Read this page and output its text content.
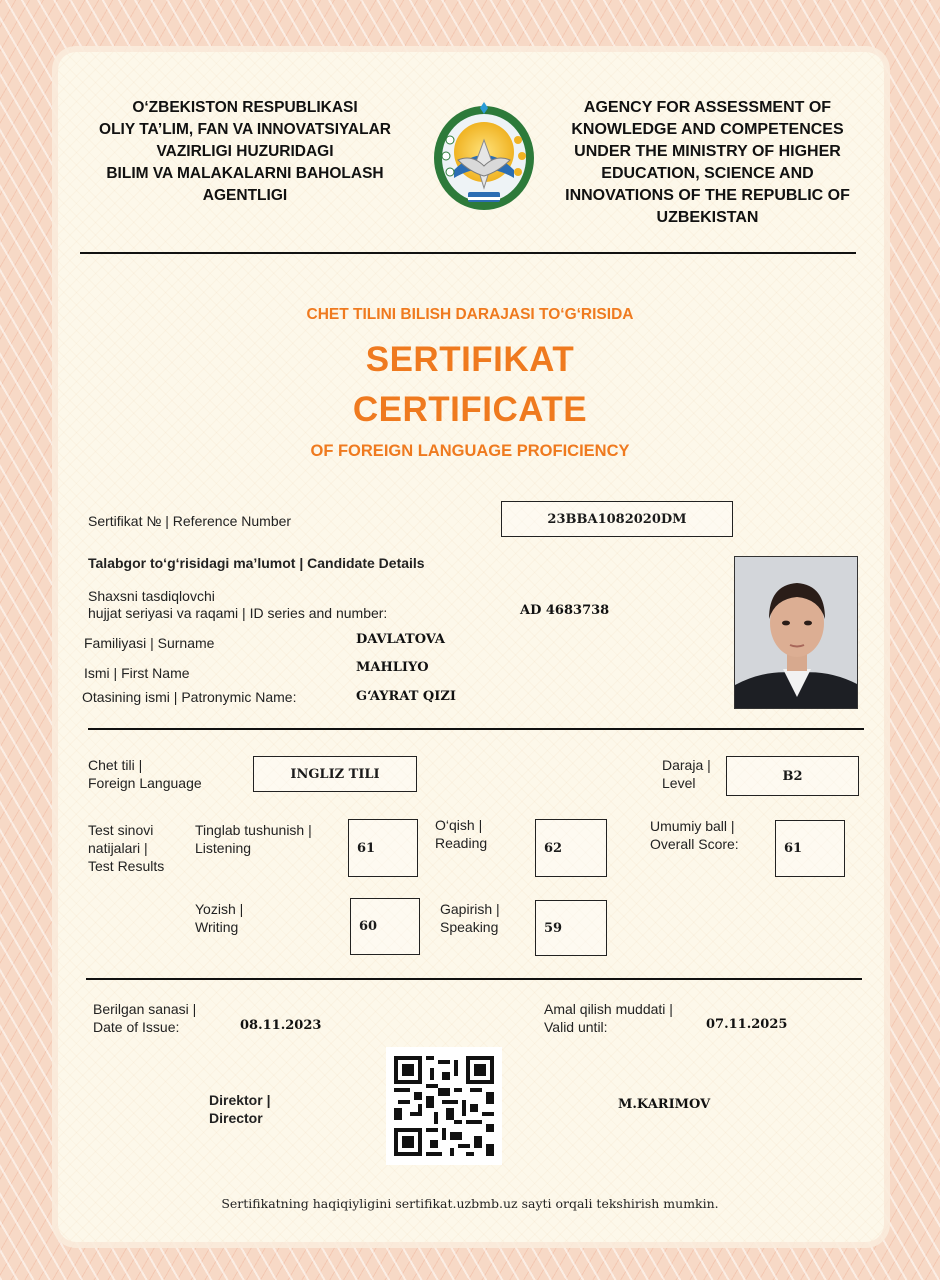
O‘ZBEKISTON RESPUBLIKASI
OLIY TA’LIM, FAN VA INNOVATSIYALAR
VAZIRLIGI HUZURIDAGI
BILIM VA MALAKALARNI BAHOLASH
AGENTLIGI
AGENCY FOR ASSESSMENT OF
KNOWLEDGE AND COMPETENCES
UNDER THE MINISTRY OF HIGHER
EDUCATION, SCIENCE AND
INNOVATIONS OF THE REPUBLIC OF
UZBEKISTAN
CHET TILINI BILISH DARAJASI TO‘G‘RISIDA
SERTIFIKAT
CERTIFICATE
OF FOREIGN LANGUAGE PROFICIENCY
Sertifikat № | Reference Number	23BBA1082020DM
Talabgor to‘g‘risidagi ma’lumot | Candidate Details
Shaxsni tasdiqlovchi
hujjat seriyasi va raqami | ID series and number:	AD 4683738
Familiyasi | Surname	DAVLATOVA
Ismi | First Name	MAHLIYO
Otasining ismi | Patronymic Name:	G‘AYRAT QIZI
Chet tili |
Foreign Language
INGLIZ TILI
Daraja |
Level	B2
Test sinovi
natijalari |
Test Results
Tinglab tushunish |
Listening	61
O‘qish |
Reading	62
Umumiy ball |
Overall Score:	61
Yozish |
Writing	60
Gapirish |
Speaking	59
Berilgan sanasi |
Date of Issue:	08.11.2023
Amal qilish muddati |
Valid until:	07.11.2025
Direktor |
Director
M.KARIMOV
Sertifikatning haqiqiyligini sertifikat.uzbmb.uz sayti orqali tekshirish mumkin.
